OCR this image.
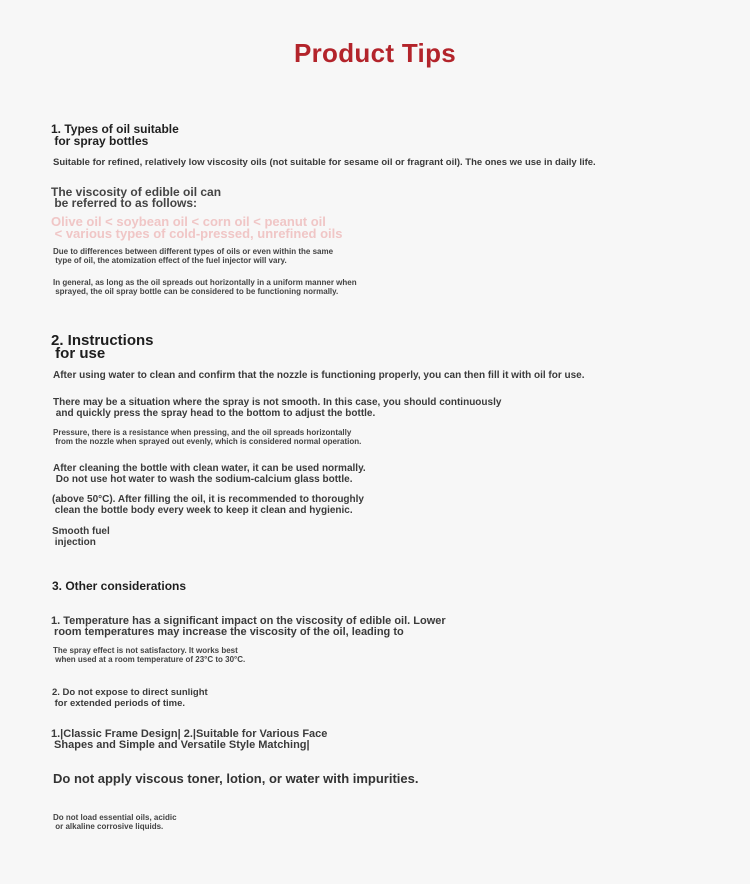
Product Tips
1. Types of oil suitable
for spray bottles
Suitable for refined, relatively low viscosity oils (not suitable for sesame oil or fragrant oil). The ones we use in daily life.
The viscosity of edible oil can
be referred to as follows:
Olive oil < soybean oil < corn oil < peanut oil
< various types of cold-pressed, unrefined oils
Due to differences between different types of oils or even within the same
type of oil, the atomization effect of the fuel injector will vary.
In general, as long as the oil spreads out horizontally in a uniform manner when
sprayed, the oil spray bottle can be considered to be functioning normally.
2. Instructions
for use
After using water to clean and confirm that the nozzle is functioning properly, you can then fill it with oil for use.
There may be a situation where the spray is not smooth. In this case, you should continuously
and quickly press the spray head to the bottom to adjust the bottle.
Pressure, there is a resistance when pressing, and the oil spreads horizontally
from the nozzle when sprayed out evenly, which is considered normal operation.
After cleaning the bottle with clean water, it can be used normally.
Do not use hot water to wash the sodium-calcium glass bottle.
(above 50°C). After filling the oil, it is recommended to thoroughly
clean the bottle body every week to keep it clean and hygienic.
Smooth fuel
injection
3. Other considerations
1. Temperature has a significant impact on the viscosity of edible oil. Lower
room temperatures may increase the viscosity of the oil, leading to
The spray effect is not satisfactory. It works best
when used at a room temperature of 23°C to 30°C.
2. Do not expose to direct sunlight
for extended periods of time.
1.|Classic Frame Design| 2.|Suitable for Various Face
Shapes and Simple and Versatile Style Matching|
Do not apply viscous toner, lotion, or water with impurities.
Do not load essential oils, acidic
or alkaline corrosive liquids.
